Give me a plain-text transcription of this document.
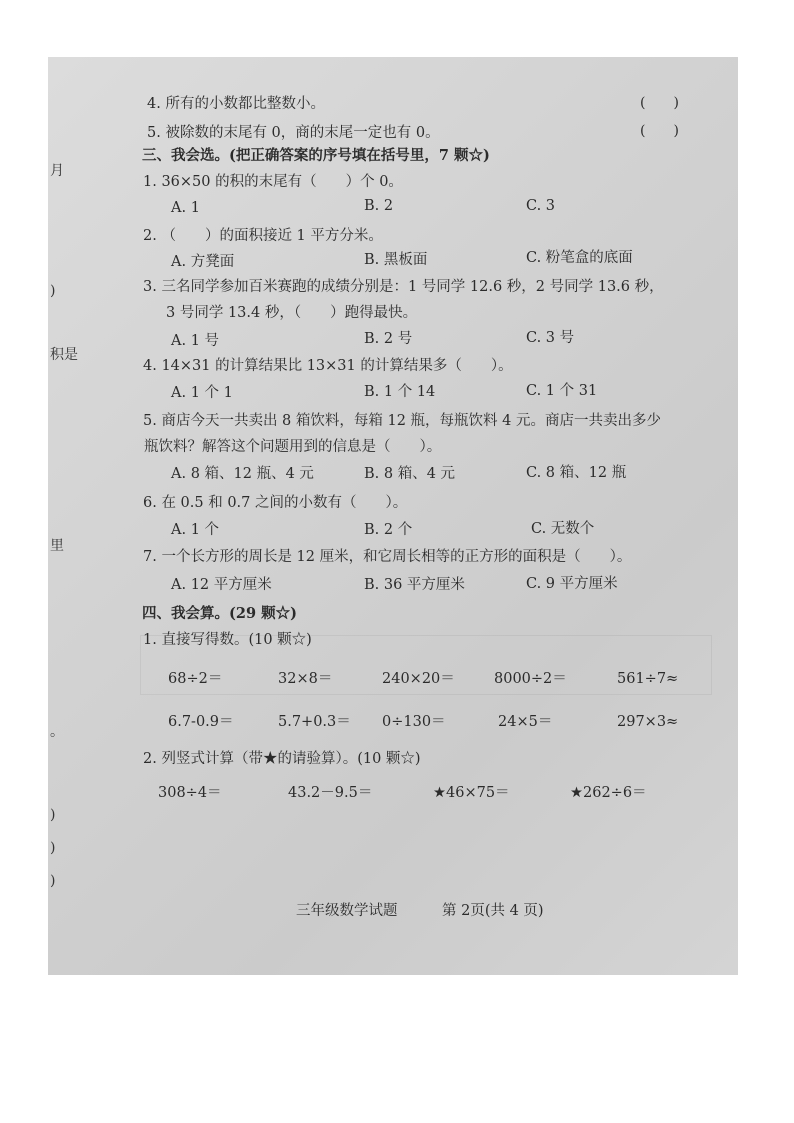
月
)
积是
里
。
)
)
)
4. 所有的小数都比整数小。	(　　)
5. 被除数的末尾有 0，商的末尾一定也有 0。	(　　)
三、我会选。(把正确答案的序号填在括号里，7 颗☆)
1. 36×50 的积的末尾有（　　）个 0。
A. 1	B. 2	C. 3
2. （　　）的面积接近 1 平方分米。
A. 方凳面	B. 黑板面	C. 粉笔盒的底面
3. 三名同学参加百米赛跑的成绩分别是：1 号同学 12.6 秒，2 号同学 13.6 秒，
3 号同学 13.4 秒，（　　）跑得最快。
A. 1 号	B. 2 号	C. 3 号
4. 14×31 的计算结果比 13×31 的计算结果多（　　）。
A. 1 个 1	B. 1 个 14	C. 1 个 31
5. 商店今天一共卖出 8 箱饮料，每箱 12 瓶，每瓶饮料 4 元。商店一共卖出多少
瓶饮料？解答这个问题用到的信息是（　　）。
A. 8 箱、12 瓶、4 元	B. 8 箱、4 元	C. 8 箱、12 瓶
6. 在 0.5 和 0.7 之间的小数有（　　）。
A. 1 个	B. 2 个	C. 无数个
7. 一个长方形的周长是 12 厘米，和它周长相等的正方形的面积是（　　）。
A. 12 平方厘米	B. 36 平方厘米	C. 9 平方厘米
四、我会算。(29 颗☆)
1. 直接写得数。(10 颗☆)
68÷2＝	32×8＝	240×20＝	8000÷2＝	561÷7≈
6.7-0.9＝	5.7+0.3＝ 0÷130＝	24×5＝	297×3≈
2. 列竖式计算（带★的请验算）。(10 颗☆)
308÷4＝	43.2－9.5＝	★46×75＝	★262÷6＝
三年级数学试题	第 2页(共 4 页)
